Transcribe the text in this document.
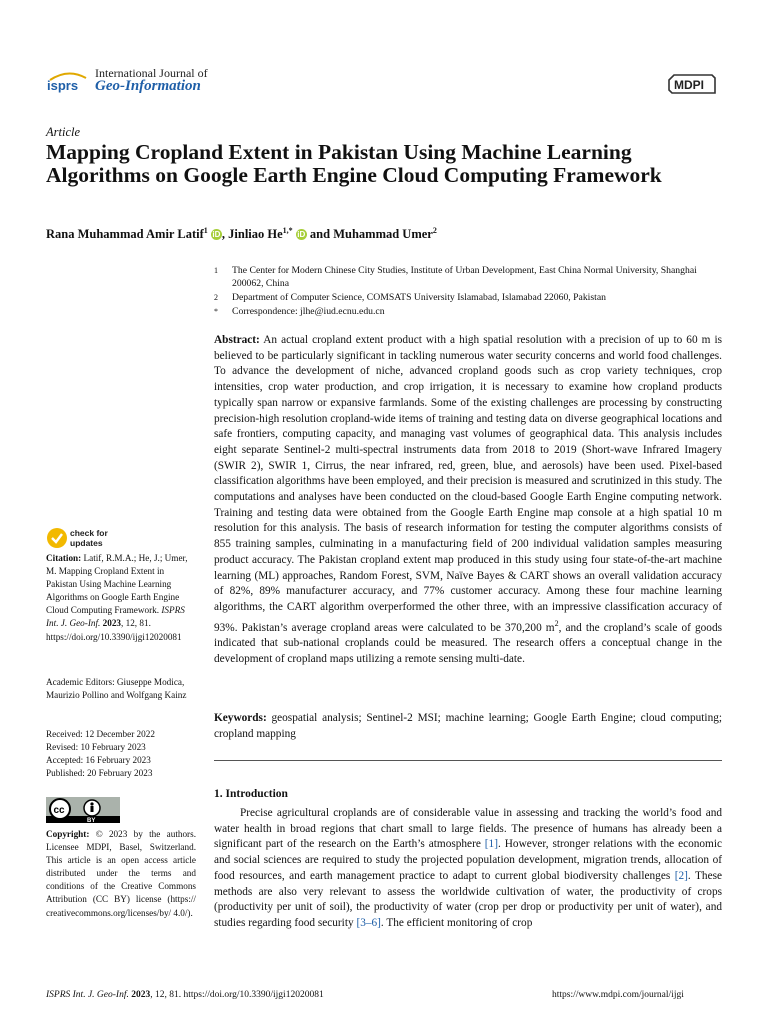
isprs
International Journal of
Geo-Information	MDPI
Article
Mapping Cropland Extent in Pakistan Using Machine Learning Algorithms on Google Earth Engine Cloud Computing Framework
Rana Muhammad Amir Latif$^1$ iD , Jinliao $He^{1,*}$ iD and Muhammad Umer$^2$
1 The Center for Modern Chinese City Studies, Institute of Urban Development, East China Normal University, Shanghai 200062, China
2 Department of Computer Science, COMSATS University Islamabad, Islamabad 22060, Pakistan
* Correspondence: jlhe@iud.ecnu.edu.cn
Abstract: An actual cropland extent product with a high spatial resolution with a precision of up to 60 m is believed to be particularly significant in tackling numerous water security concerns and world food challenges. To advance the development of niche, advanced cropland goods such as crop variety techniques, crop intensities, crop water production, and crop irrigation, it is necessary to examine how cropland products typically span narrow or expansive farmlands. Some of the existing challenges are processing by constructing precision-high resolution cropland-wide items of training and testing data on diverse geographical locations and safe frontiers, computing capacity, and managing vast volumes of geographical data. This analysis includes eight separate Sentinel-2 multi-spectral instruments data from 2018 to 2019 (Short-wave Infrared Imagery (SWIR 2), SWIR 1, Cirrus, the near infrared, red, green, blue, and aerosols) have been used. Pixel-based classification algorithms have been employed, and their precision is measured and scrutinized in this study. The computations and analyses have been conducted on the cloud-based Google Earth Engine computing network. Training and testing data were obtained from the Google Earth Engine map console at a high spatial 10 m resolution for this analysis. The basis of research information for testing the computer algorithms consists of 855 training samples, culminating in a manufacturing field of 200 individual validation samples measuring product accuracy. The Pakistan cropland extent map produced in this study using four state-of-the-art machine learning (ML) approaches, Random Forest, SVM, Naïve Bayes & CART shows an overall validation accuracy of 82%, 89% manufacturer accuracy, and 77% customer accuracy. Among these four machine learning algorithms, the CART algorithm overperformed the other three, with an impressive classification accuracy of 93%. Pakistan’s average cropland areas were calculated to be 370,200 $m^2$, and the cropland’s scale of goods indicated that sub-national croplands could be measured. The research offers a conceptual change in the development of cropland maps utilizing a remote sensing multi-date.
Keywords: geospatial analysis; Sentinel-2 MSI; machine learning; Google Earth Engine; cloud computing; cropland mapping
1. Introduction
Precise agricultural croplands are of considerable value in assessing and tracking the world’s food and water health in broad regions that chart small to large fields. The presence of humans has already been a significant part of the research on the Earth’s atmosphere [1]. However, stronger relations with the economic and social sciences are required to study the projected population development, migration trends, allocation of food resources, and earth management practice to adapt to current global biodiversity challenges [2]. These methods are also very relevant to assess the worldwide cultivation of water, the productivity of crops (productivity per unit of soil), the productivity of water (crop per drop or productivity per unit of water), and studies regarding food security [3–6]. The efficient monitoring of crop
check for
updates
Citation: Latif, R.M.A.; He, J.; Umer, M. Mapping Cropland Extent in Pakistan Using Machine Learning Algorithms on Google Earth Engine Cloud Computing Framework. ISPRS Int. J. Geo-Inf. 2023, 12, 81. https://doi.org/10.3390/ijgi12020081
Academic Editors: Giuseppe Modica, Maurizio Pollino and Wolfgang Kainz
Received: 12 December 2022
Revised: 10 February 2023
Accepted: 16 February 2023
Published: 20 February 2023
cc
BY
Copyright: © 2023 by the authors. Licensee MDPI, Basel, Switzerland. This article is an open access article distributed under the terms and conditions of the Creative Commons Attribution (CC BY) license (https:// creativecommons.org/licenses/by/ 4.0/).
ISPRS Int. J. Geo-Inf. 2023, 12, 81. https://doi.org/10.3390/ijgi12020081	https://www.mdpi.com/journal/ijgi
